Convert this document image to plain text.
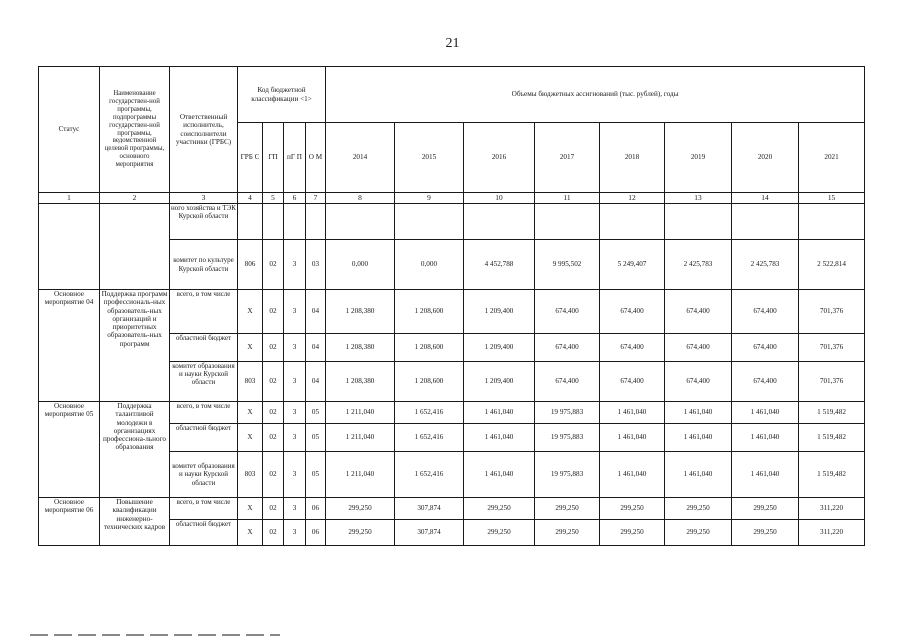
21
Статус	Наименование государствен-ной программы, подпрограммы государствен-ной программы, ведомственной целевой программы, основного мероприятия	Ответственный исполнитель, соисполнители участники (ГРБС)	Код бюджетной классификации <1>				Объемы бюджетных ассигнований (тыс. рублей), годы							
			ГРБ С	ГП	пГ П	О М	2014	2015	2016	2017	2018	2019	2020	2021
1	2	3	4	5	6	7	8	9	10	11	12	13	14	15
		ного хозяйства и ТЭК Курской области												
		комитет по культуре Курской области	806	02	3	03	0,000	0,000	4 452,788	9 995,502	5 249,407	2 425,783	2 425,783	2 522,814
Основное мероприятие 04	Поддержка программ профессиональ-ных образователь-ных организаций и приоритетных образователь-ных программ	всего, в том числе	X	02	3	04	1 208,380	1 208,600	1 209,400	674,400	674,400	674,400	674,400	701,376
		областной бюджет	X	02	3	04	1 208,380	1 208,600	1 209,400	674,400	674,400	674,400	674,400	701,376
		комитет образования и науки Курской области	803	02	3	04	1 208,380	1 208,600	1 209,400	674,400	674,400	674,400	674,400	701,376
Основное мероприятие 05	Поддержка талантливой молодежи в организациях профессиона-льного образования	всего, в том числе	X	02	3	05	1 211,040	1 652,416	1 461,040	19 975,883	1 461,040	1 461,040	1 461,040	1 519,482
		областной бюджет	X	02	3	05	1 211,040	1 652,416	1 461,040	19 975,883	1 461,040	1 461,040	1 461,040	1 519,482
		комитет образования и науки Курской области	803	02	3	05	1 211,040	1 652,416	1 461,040	19 975,883	1 461,040	1 461,040	1 461,040	1 519,482
Основное мероприятие 06	Повышение квалификации инженерно-технических кадров	всего, в том числе	X	02	3	06	299,250	307,874	299,250	299,250	299,250	299,250	299,250	311,220
		областной бюджет	X	02	3	06	299,250	307,874	299,250	299,250	299,250	299,250	299,250	311,220
